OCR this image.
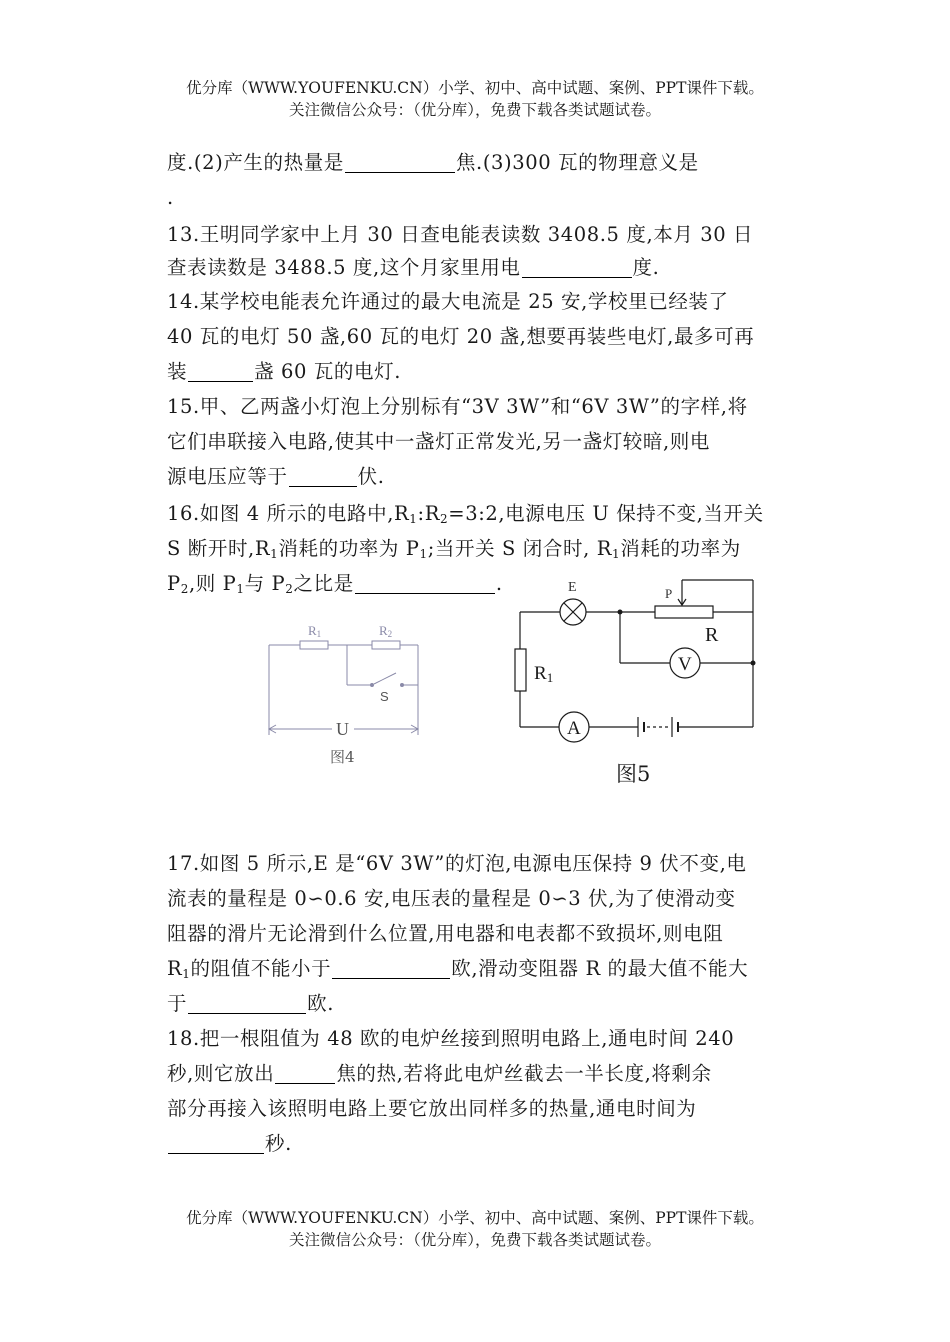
优分库（WWW.YOUFENKU.CN）小学、初中、高中试题、案例、PPT课件下载。
关注微信公众号：（优分库），免费下载各类试题试卷。
度.(2)产生的热量是	焦.(3)300 瓦的物理意义是
.
13.王明同学家中上月 30 日查电能表读数 3408.5 度,本月 30 日
查表读数是 3488.5 度,这个月家里用电	度.
14.某学校电能表允许通过的最大电流是 25 安,学校里已经装了
40 瓦的电灯 50 盏,60 瓦的电灯 20 盏,想要再装些电灯,最多可再
装	盏 60 瓦的电灯.
15.甲、乙两盏小灯泡上分别标有“3V 3W”和“6V 3W”的字样,将
它们串联接入电路,使其中一盏灯正常发光,另一盏灯较暗,则电
源电压应等于	伏.
16.如图 4 所示的电路中$,R_1:R_2=3:2$,电源电压 U 保持不变,当开关
S 断开时$,R_1$消耗的功率为 $P_1$;当开关 S 闭合时, $R_1$消耗的功率为
$P_2$,则 $P_1$与 $P_2$之比是	.
R1	R2
S
U
图4
E	P
R
V
R1
A
图5
17.如图 5 所示,E 是“6V 3W”的灯泡,电源电压保持 9 伏不变,电
流表的量程是 0∽0.6 安,电压表的量程是 0∽3 伏,为了使滑动变
阻器的滑片无论滑到什么位置,用电器和电表都不致损坏,则电阻
$R_1$的阻值不能小于	欧,滑动变阻器 R 的最大值不能大
于	欧.
18.把一根阻值为 48 欧的电炉丝接到照明电路上,通电时间 240
秒,则它放出	焦的热,若将此电炉丝截去一半长度,将剩余
部分再接入该照明电路上要它放出同样多的热量,通电时间为
秒.
优分库（WWW.YOUFENKU.CN）小学、初中、高中试题、案例、PPT课件下载。
关注微信公众号：（优分库），免费下载各类试题试卷。
